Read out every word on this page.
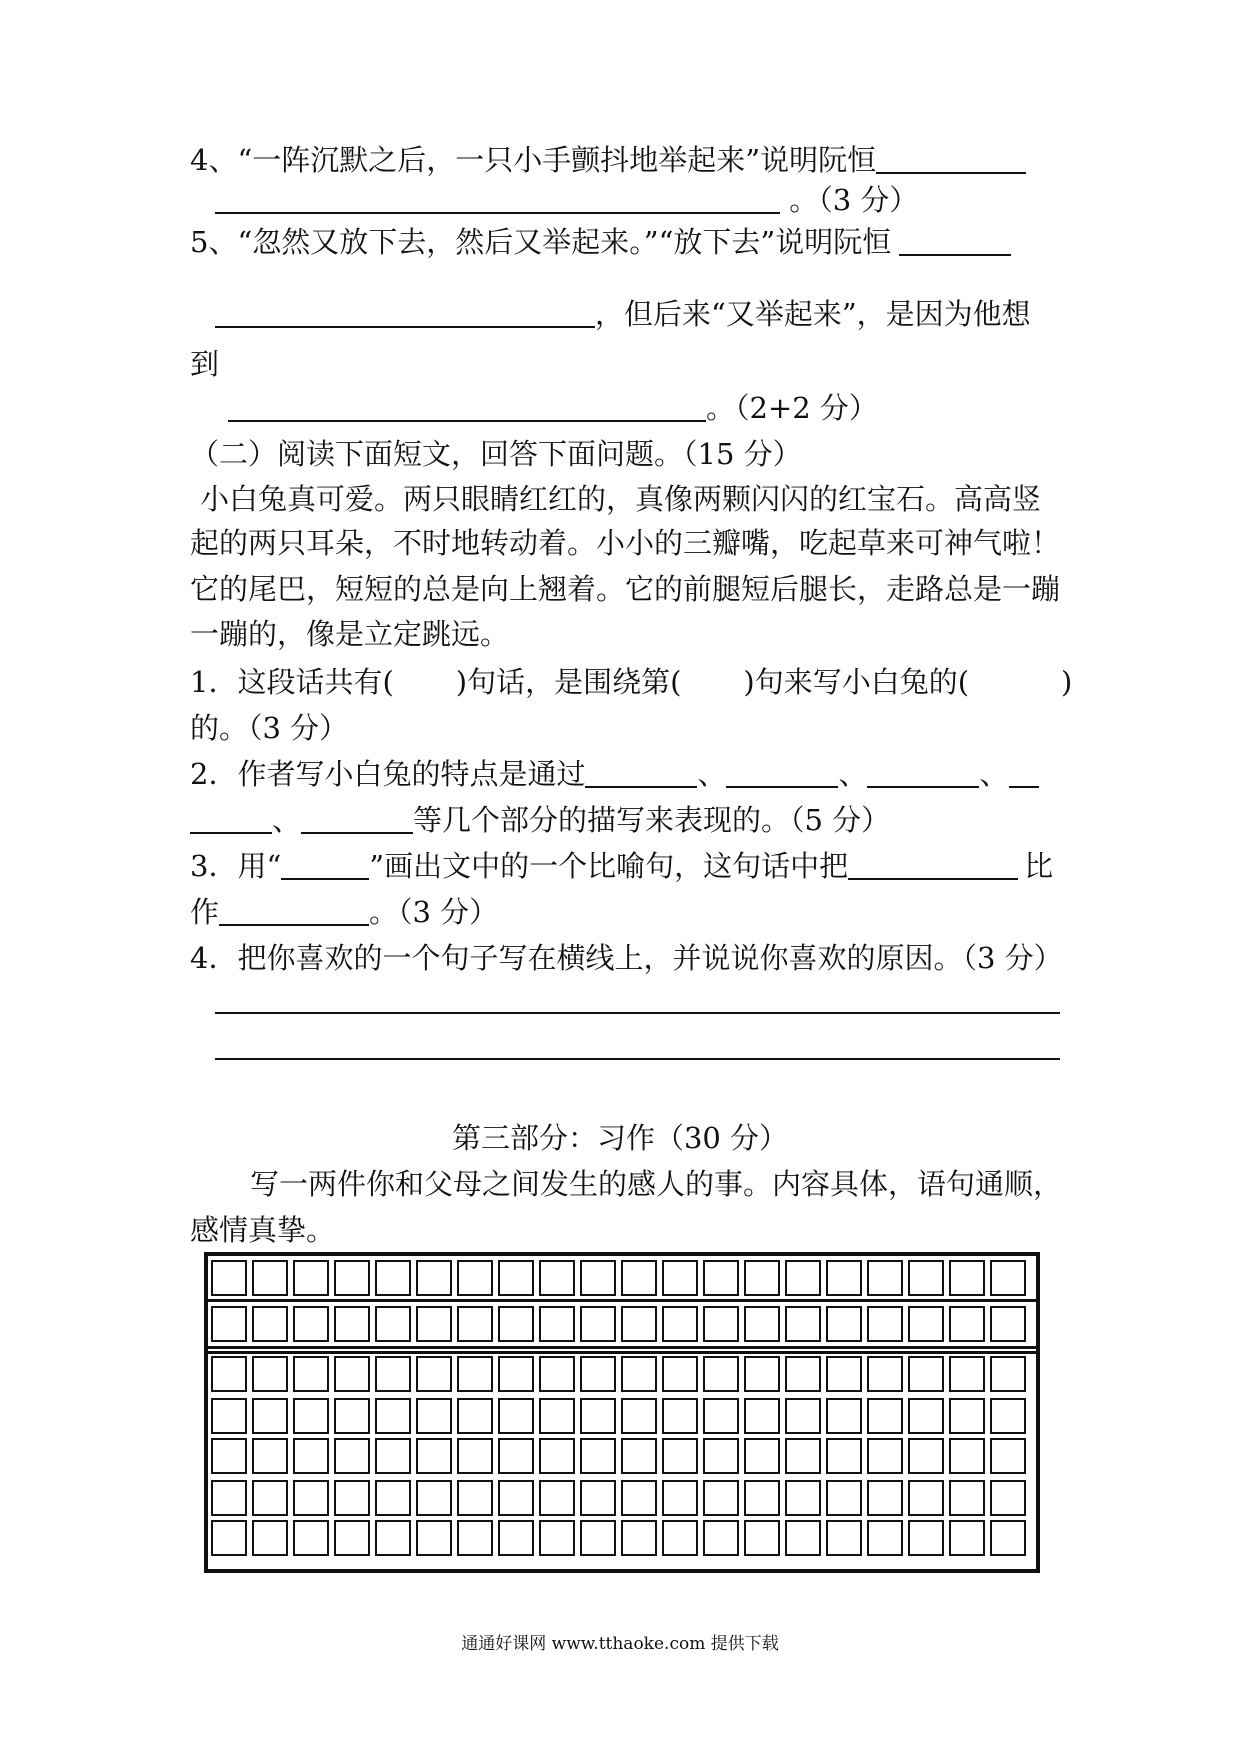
4、“一阵沉默之后，一只小手颤抖地举起来”说明阮恒
。（3 分）
5、“忽然又放下去，然后又举起来。”“放下去”说明阮恒
，但后来“又举起来”，是因为他想
到
。（2+2 分）
（二）阅读下面短文，回答下面问题。（15 分）
小白兔真可爱。两只眼睛红红的，真像两颗闪闪的红宝石。高高竖
起的两只耳朵，不时地转动着。小小的三瓣嘴，吃起草来可神气啦！
它的尾巴，短短的总是向上翘着。它的前腿短后腿长，走路总是一蹦
一蹦的，像是立定跳远。
1．这段话共有( )句话，是围绕第( )句来写小白兔的(	)
的。（3 分）
2．作者写小白兔的特点是通过	、	、	、
、	等几个部分的描写来表现的。（5 分）
3．用“	”画出文中的一个比喻句，这句话中把	比
作	。（3 分）
4．把你喜欢的一个句子写在横线上，并说说你喜欢的原因。（3 分）
第三部分：习作（30 分）
写一两件你和父母之间发生的感人的事。内容具体，语句通顺，
感情真挚。
通通好课网 www.tthaoke.com 提供下载
